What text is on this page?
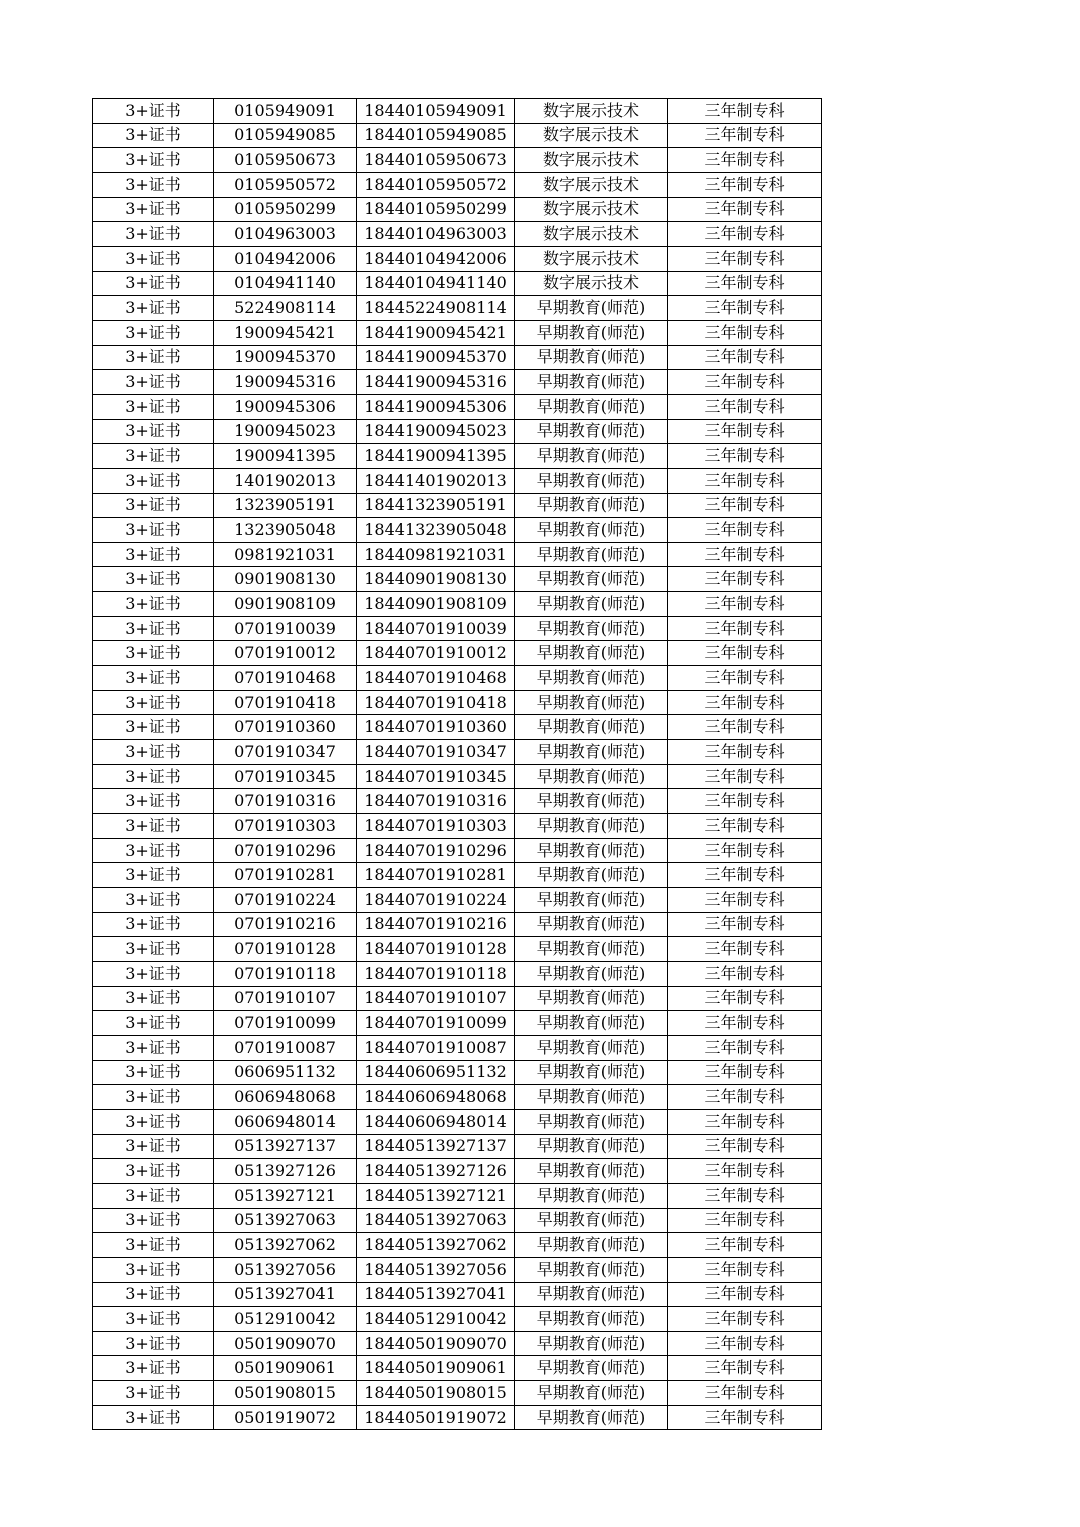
3+证书	0105949091	18440105949091	数字展示技术	三年制专科
3+证书	0105949085	18440105949085	数字展示技术	三年制专科
3+证书	0105950673	18440105950673	数字展示技术	三年制专科
3+证书	0105950572	18440105950572	数字展示技术	三年制专科
3+证书	0105950299	18440105950299	数字展示技术	三年制专科
3+证书	0104963003	18440104963003	数字展示技术	三年制专科
3+证书	0104942006	18440104942006	数字展示技术	三年制专科
3+证书	0104941140	18440104941140	数字展示技术	三年制专科
3+证书	5224908114	18445224908114	早期教育(师范)	三年制专科
3+证书	1900945421	18441900945421	早期教育(师范)	三年制专科
3+证书	1900945370	18441900945370	早期教育(师范)	三年制专科
3+证书	1900945316	18441900945316	早期教育(师范)	三年制专科
3+证书	1900945306	18441900945306	早期教育(师范)	三年制专科
3+证书	1900945023	18441900945023	早期教育(师范)	三年制专科
3+证书	1900941395	18441900941395	早期教育(师范)	三年制专科
3+证书	1401902013	18441401902013	早期教育(师范)	三年制专科
3+证书	1323905191	18441323905191	早期教育(师范)	三年制专科
3+证书	1323905048	18441323905048	早期教育(师范)	三年制专科
3+证书	0981921031	18440981921031	早期教育(师范)	三年制专科
3+证书	0901908130	18440901908130	早期教育(师范)	三年制专科
3+证书	0901908109	18440901908109	早期教育(师范)	三年制专科
3+证书	0701910039	18440701910039	早期教育(师范)	三年制专科
3+证书	0701910012	18440701910012	早期教育(师范)	三年制专科
3+证书	0701910468	18440701910468	早期教育(师范)	三年制专科
3+证书	0701910418	18440701910418	早期教育(师范)	三年制专科
3+证书	0701910360	18440701910360	早期教育(师范)	三年制专科
3+证书	0701910347	18440701910347	早期教育(师范)	三年制专科
3+证书	0701910345	18440701910345	早期教育(师范)	三年制专科
3+证书	0701910316	18440701910316	早期教育(师范)	三年制专科
3+证书	0701910303	18440701910303	早期教育(师范)	三年制专科
3+证书	0701910296	18440701910296	早期教育(师范)	三年制专科
3+证书	0701910281	18440701910281	早期教育(师范)	三年制专科
3+证书	0701910224	18440701910224	早期教育(师范)	三年制专科
3+证书	0701910216	18440701910216	早期教育(师范)	三年制专科
3+证书	0701910128	18440701910128	早期教育(师范)	三年制专科
3+证书	0701910118	18440701910118	早期教育(师范)	三年制专科
3+证书	0701910107	18440701910107	早期教育(师范)	三年制专科
3+证书	0701910099	18440701910099	早期教育(师范)	三年制专科
3+证书	0701910087	18440701910087	早期教育(师范)	三年制专科
3+证书	0606951132	18440606951132	早期教育(师范)	三年制专科
3+证书	0606948068	18440606948068	早期教育(师范)	三年制专科
3+证书	0606948014	18440606948014	早期教育(师范)	三年制专科
3+证书	0513927137	18440513927137	早期教育(师范)	三年制专科
3+证书	0513927126	18440513927126	早期教育(师范)	三年制专科
3+证书	0513927121	18440513927121	早期教育(师范)	三年制专科
3+证书	0513927063	18440513927063	早期教育(师范)	三年制专科
3+证书	0513927062	18440513927062	早期教育(师范)	三年制专科
3+证书	0513927056	18440513927056	早期教育(师范)	三年制专科
3+证书	0513927041	18440513927041	早期教育(师范)	三年制专科
3+证书	0512910042	18440512910042	早期教育(师范)	三年制专科
3+证书	0501909070	18440501909070	早期教育(师范)	三年制专科
3+证书	0501909061	18440501909061	早期教育(师范)	三年制专科
3+证书	0501908015	18440501908015	早期教育(师范)	三年制专科
3+证书	0501919072	18440501919072	早期教育(师范)	三年制专科
